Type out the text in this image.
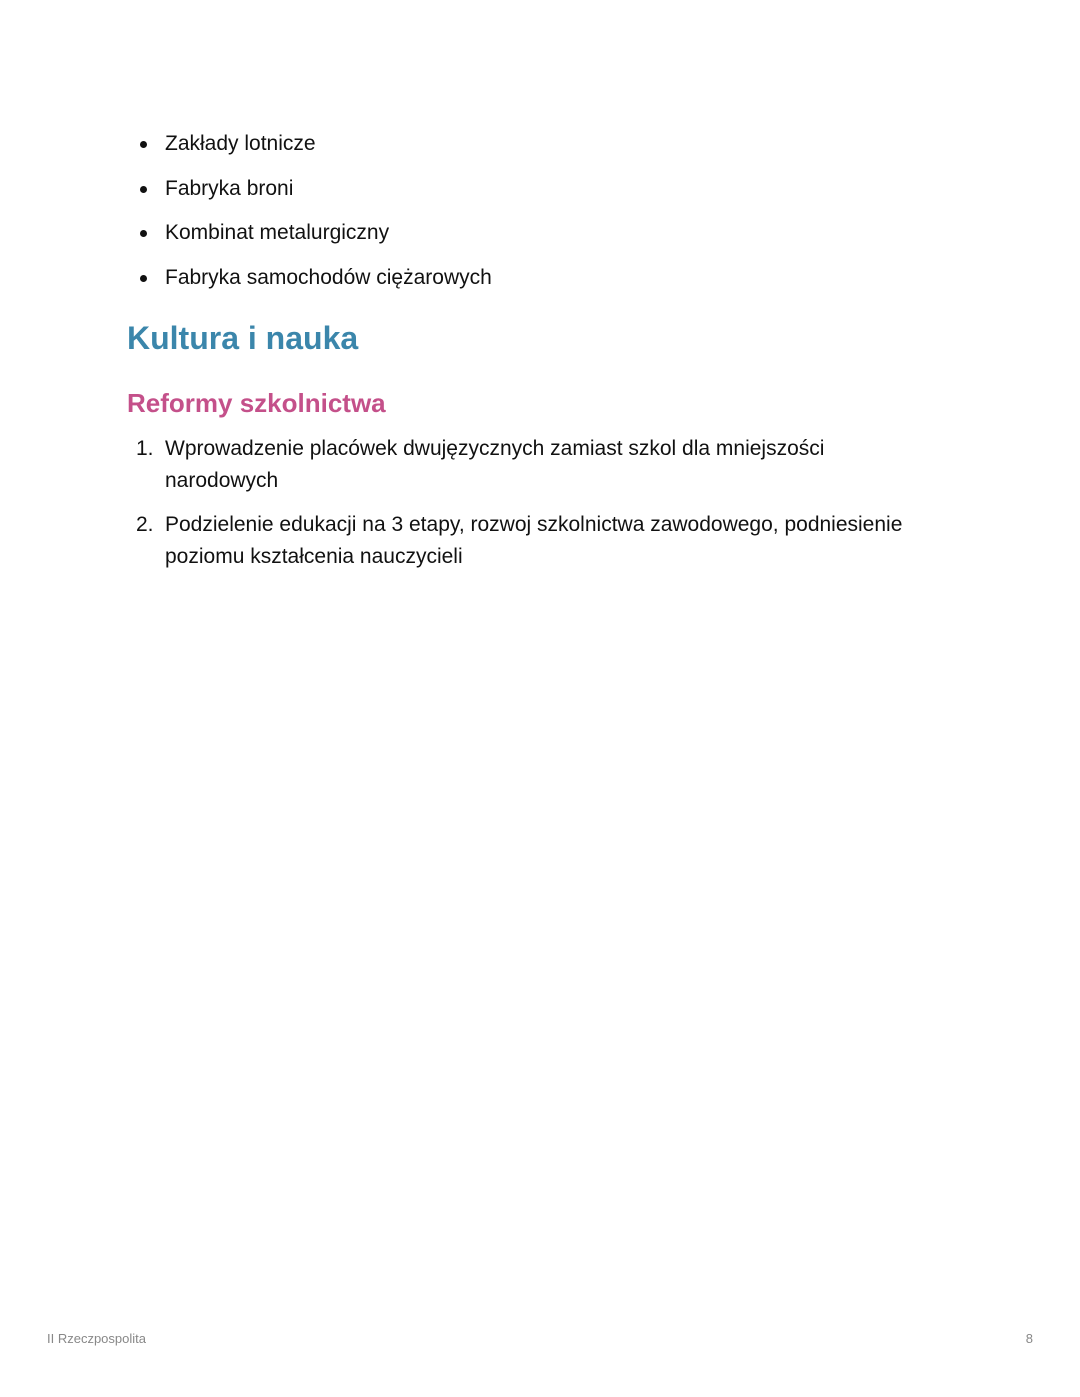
Zakłady lotnicze
Fabryka broni
Kombinat metalurgiczny
Fabryka samochodów ciężarowych
Kultura i nauka
Reformy szkolnictwa
1. Wprowadzenie placówek dwujęzycznych zamiast szkol dla mniejszości narodowych
2. Podzielenie edukacji na 3 etapy, rozwoj szkolnictwa zawodowego, podniesienie poziomu kształcenia nauczycieli
II Rzeczpospolita	8
